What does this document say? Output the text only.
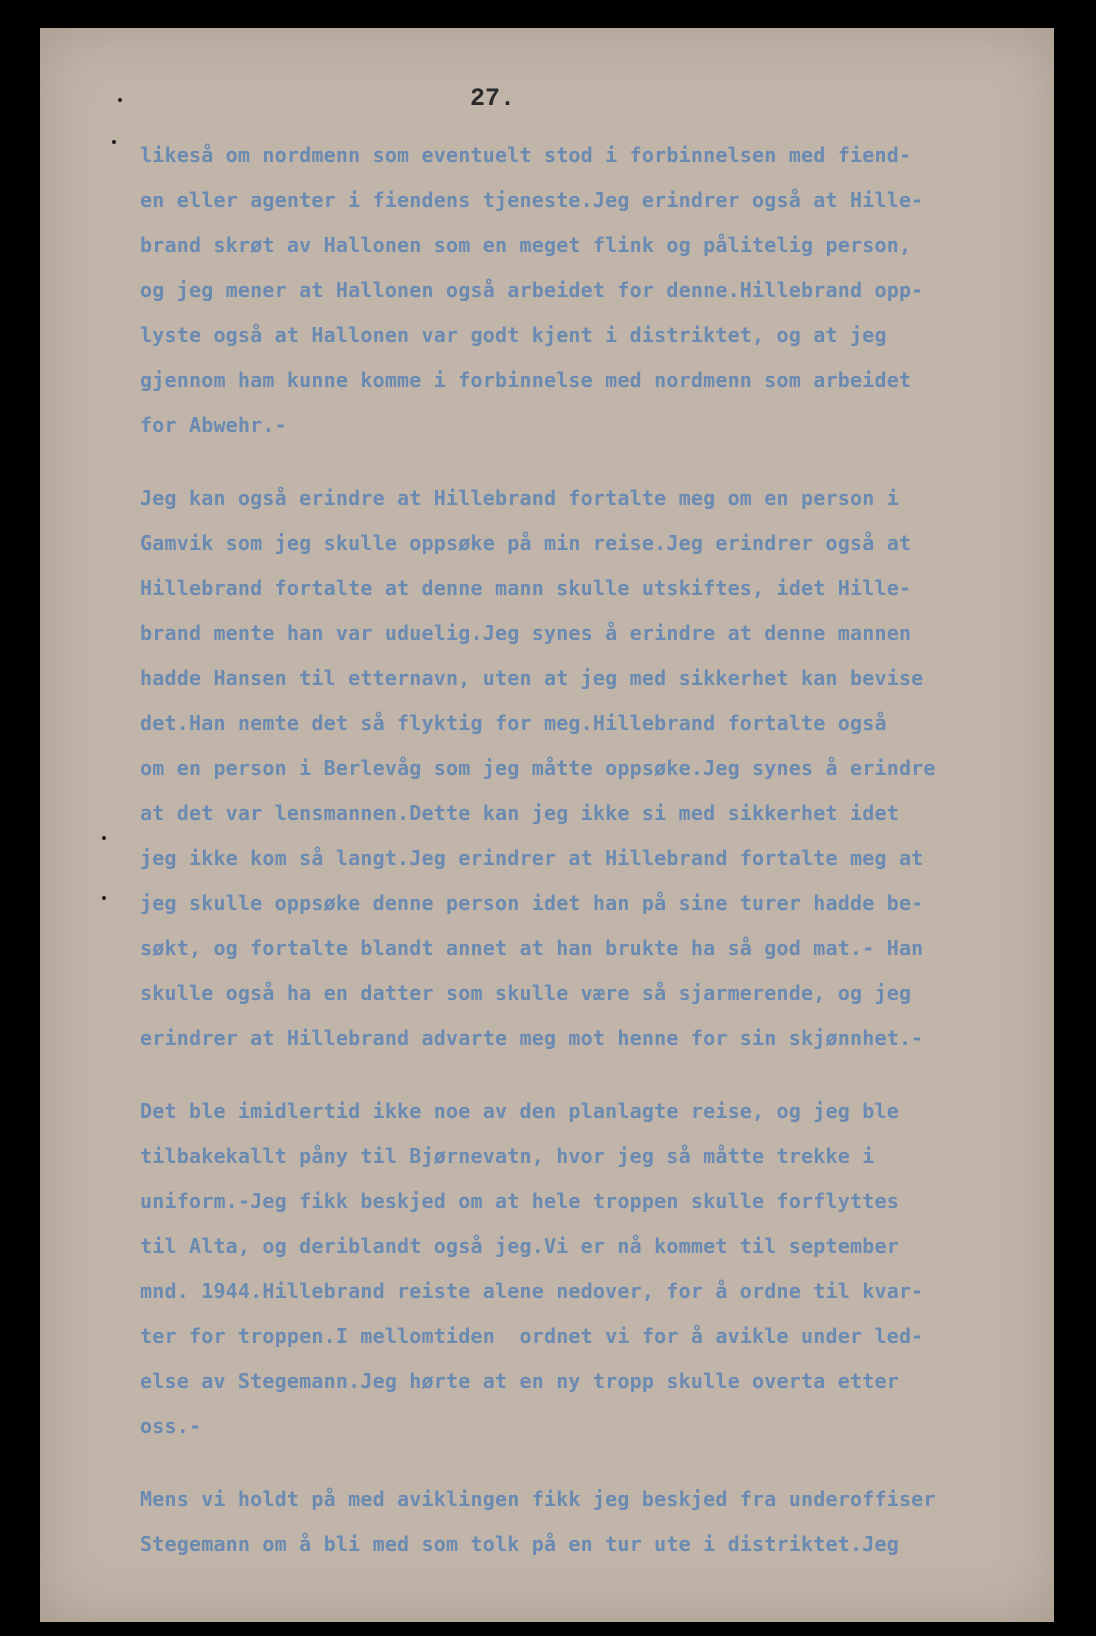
27.
likeså om nordmenn som eventuelt stod i forbinnelsen med fiend-
en eller agenter i fiendens tjeneste.Jeg erindrer også at Hille-
brand skrøt av Hallonen som en meget flink og pålitelig person,
og jeg mener at Hallonen også arbeidet for denne.Hillebrand opp-
lyste også at Hallonen var godt kjent i distriktet, og at jeg
gjennom ham kunne komme i forbinnelse med nordmenn som arbeidet
for Abwehr.-
Jeg kan også erindre at Hillebrand fortalte meg om en person i
Gamvik som jeg skulle oppsøke på min reise.Jeg erindrer også at
Hillebrand fortalte at denne mann skulle utskiftes, idet Hille-
brand mente han var uduelig.Jeg synes å erindre at denne mannen
hadde Hansen til etternavn, uten at jeg med sikkerhet kan bevise
det.Han nemte det så flyktig for meg.Hillebrand fortalte også
om en person i Berlevåg som jeg måtte oppsøke.Jeg synes å erindre
at det var lensmannen.Dette kan jeg ikke si med sikkerhet idet
jeg ikke kom så langt.Jeg erindrer at Hillebrand fortalte meg at
jeg skulle oppsøke denne person idet han på sine turer hadde be-
søkt, og fortalte blandt annet at han brukte ha så god mat.- Han
skulle også ha en datter som skulle være så sjarmerende, og jeg
erindrer at Hillebrand advarte meg mot henne for sin skjønnhet.-
Det ble imidlertid ikke noe av den planlagte reise, og jeg ble
tilbakekallt påny til Bjørnevatn, hvor jeg så måtte trekke i
uniform.-Jeg fikk beskjed om at hele troppen skulle forflyttes
til Alta, og deriblandt også jeg.Vi er nå kommet til september
mnd. 1944.Hillebrand reiste alene nedover, for å ordne til kvar-
ter for troppen.I mellomtiden  ordnet vi for å avikle under led-
else av Stegemann.Jeg hørte at en ny tropp skulle overta etter
oss.-
Mens vi holdt på med aviklingen fikk jeg beskjed fra underoffiser
Stegemann om å bli med som tolk på en tur ute i distriktet.Jeg
